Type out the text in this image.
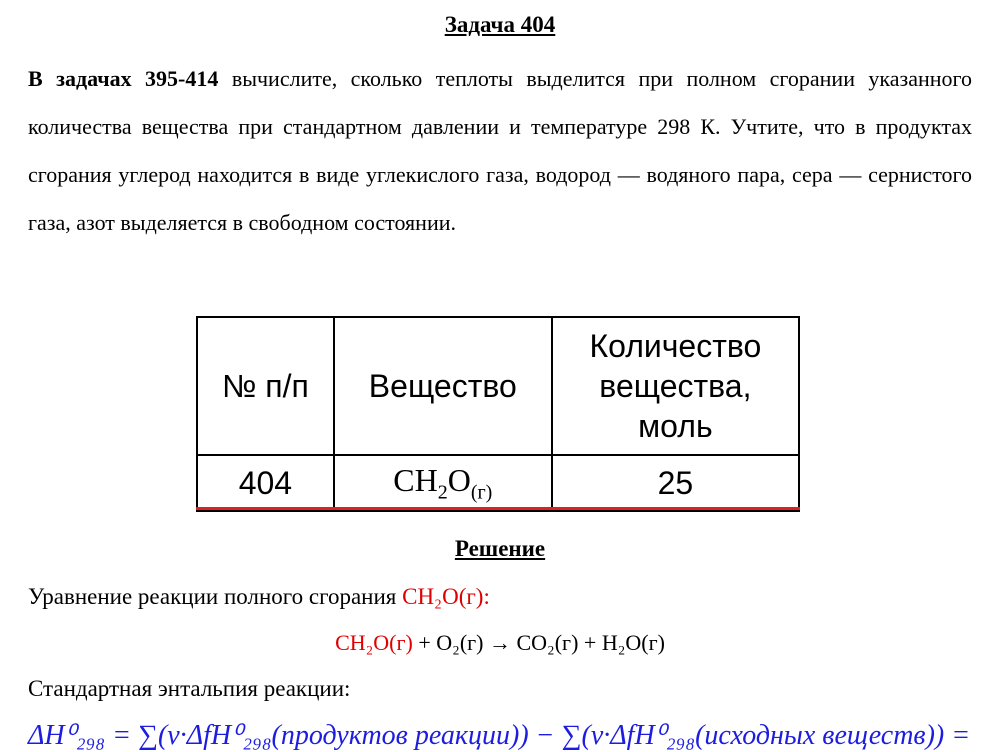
Задача 404
В задачах 395-414 вычислите, сколько теплоты выделится при полном сгорании указанного количества вещества при стандартном давлении и температуре 298 К. Учтите, что в продуктах сгорания углерод находится в виде углекислого газа, водород — водяного пара, сера — сернистого газа, азот выделяется в свободном состоянии.
№ п/п	Вещество	Количество вещества, моль
404	$CH_2O_{(г)}$	25
Решение
Уравнение реакции полного сгорания CH₂O(г):
CH₂O(г) + O₂(г) → CO₂(г) + H₂O(г)
Стандартная энтальпия реакции:
ΔH⁰₂₉₈ = ∑(ν·ΔfH⁰₂₉₈(продуктов реакции)) − ∑(ν·ΔfH⁰₂₉₈(исходных веществ)) =
